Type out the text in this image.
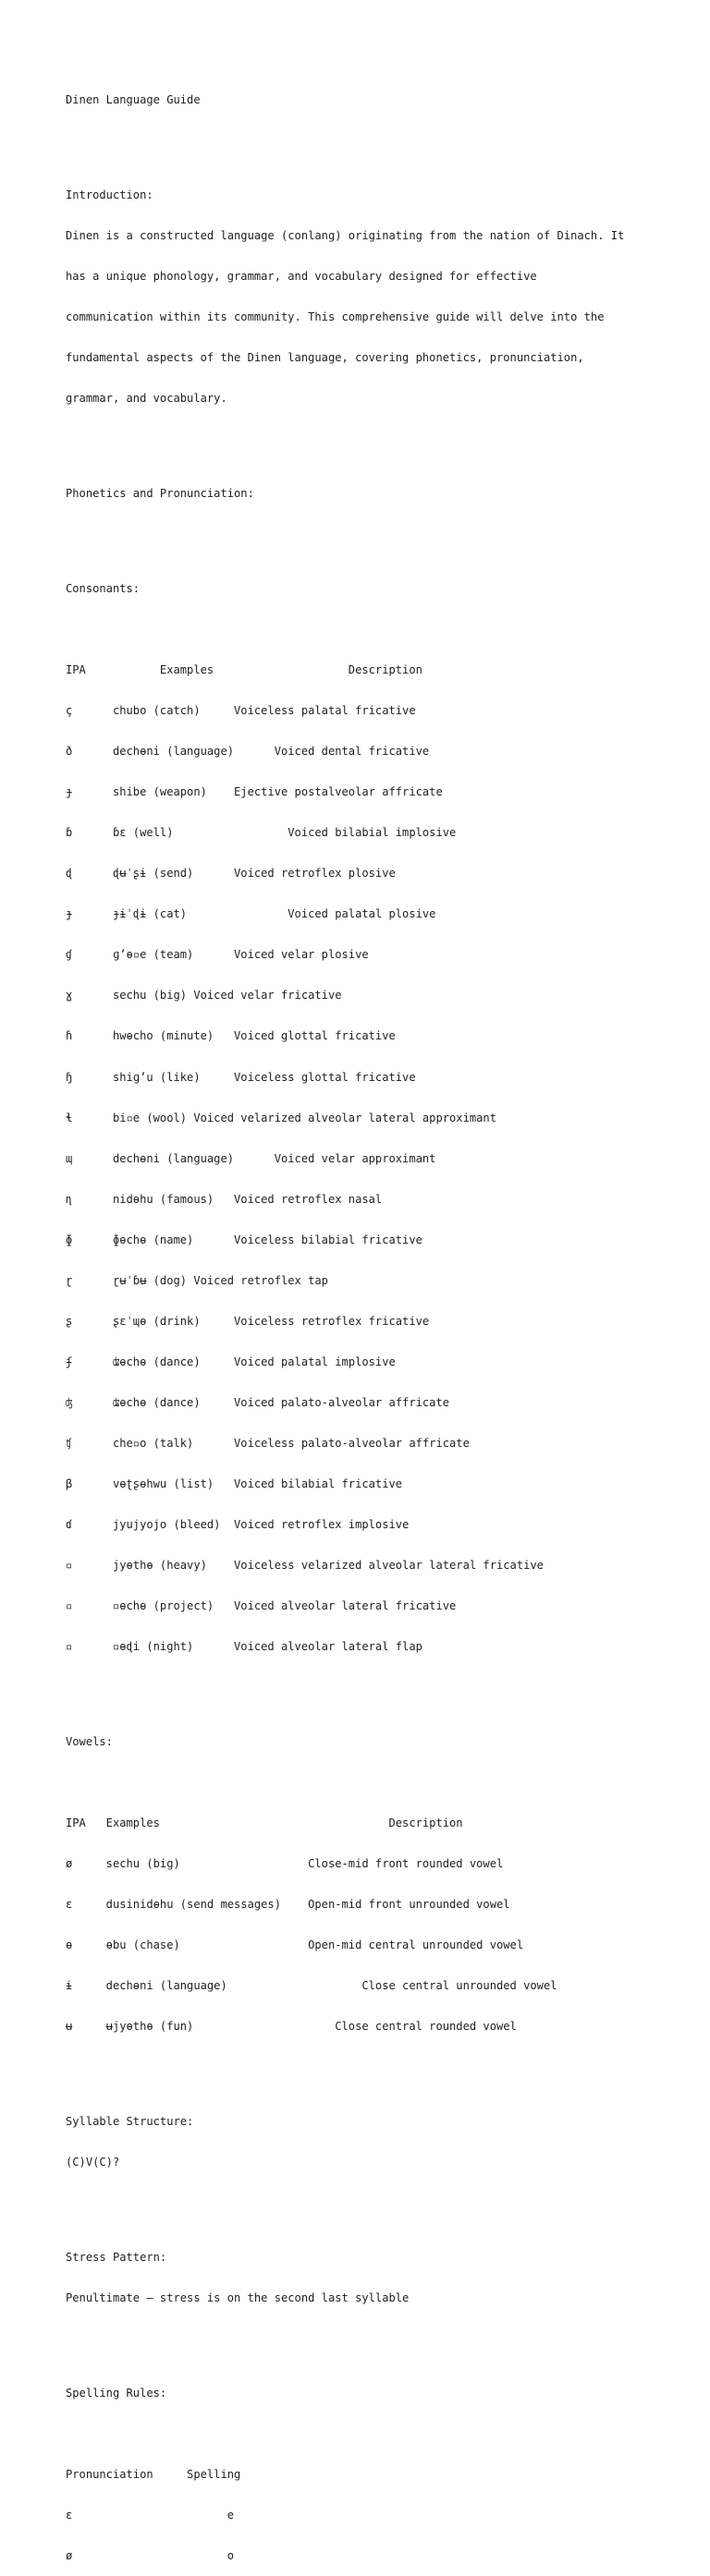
Dinen Language Guide

Introduction:

Dinen is a constructed language (conlang) originating from the nation of Dinach. It

has a unique phonology, grammar, and vocabulary designed for effective

communication within its community. This comprehensive guide will delve into the

fundamental aspects of the Dinen language, covering phonetics, pronunciation,

grammar, and vocabulary.

Phonetics and Pronunciation:

Consonants:

IPA           Examples                    Description

ç      chubo (catch)     Voiceless palatal fricative

ð      dechɵni (language)      Voiced dental fricative

ɟ      shibe (weapon)    Ejective postalveolar affricate

ɓ      ɓɛ (well)                 Voiced bilabial implosive

ɖ      ɖʉˈʂɨ (send)      Voiced retroflex plosive

ɟ      ɟɨˈɖɨ (cat)               Voiced palatal plosive

ɠ      ɡʼɵ▫e (team)      Voiced velar plosive

ɣ      sechu (big) Voiced velar fricative

ɦ      hwɵcho (minute)   Voiced glottal fricative

ɧ      shiɡʼu (like)     Voiceless glottal fricative

ɬ      bi▫e (wool) Voiced velarized alveolar lateral approximant

ɰ      dechɵni (language)      Voiced velar approximant

ɳ      nidɵhu (famous)   Voiced retroflex nasal

ɸ      ɸɵchɵ (name)      Voiceless bilabial fricative

ɽ      ɽʉˈɓʉ (dog) Voiced retroflex tap

ʂ      ʂɛˈɰɵ (drink)     Voiceless retroflex fricative

ʄ      ʥɵchɵ (dance)     Voiced palatal implosive

ʤ      ʥɵchɵ (dance)     Voiced palato-alveolar affricate

ʧ      che▫o (talk)      Voiceless palato-alveolar affricate

β      vɵʈʂɵhwu (list)   Voiced bilabial fricative

ɗ      jyujyojo (bleed)  Voiced retroflex implosive

▫      jyɵthɵ (heavy)    Voiceless velarized alveolar lateral fricative

▫      ▫ɵchɵ (project)   Voiced alveolar lateral fricative

▫      ▫ɵɖi (night)      Voiced alveolar lateral flap

Vowels:

IPA   Examples                                  Description

ø     sechu (big)                   Close-mid front rounded vowel

ɛ     dusinidɵhu (send messages)    Open-mid front unrounded vowel

ɵ     ɵbu (chase)                   Open-mid central unrounded vowel

ɨ     dechɵni (language)                    Close central unrounded vowel

ʉ     ʉjyɵthɵ (fun)                     Close central rounded vowel

Syllable Structure:

(C)V(C)?

Stress Pattern:

Penultimate — stress is on the second last syllable

Spelling Rules:

Pronunciation     Spelling

ɛ                       e

ø                       o
